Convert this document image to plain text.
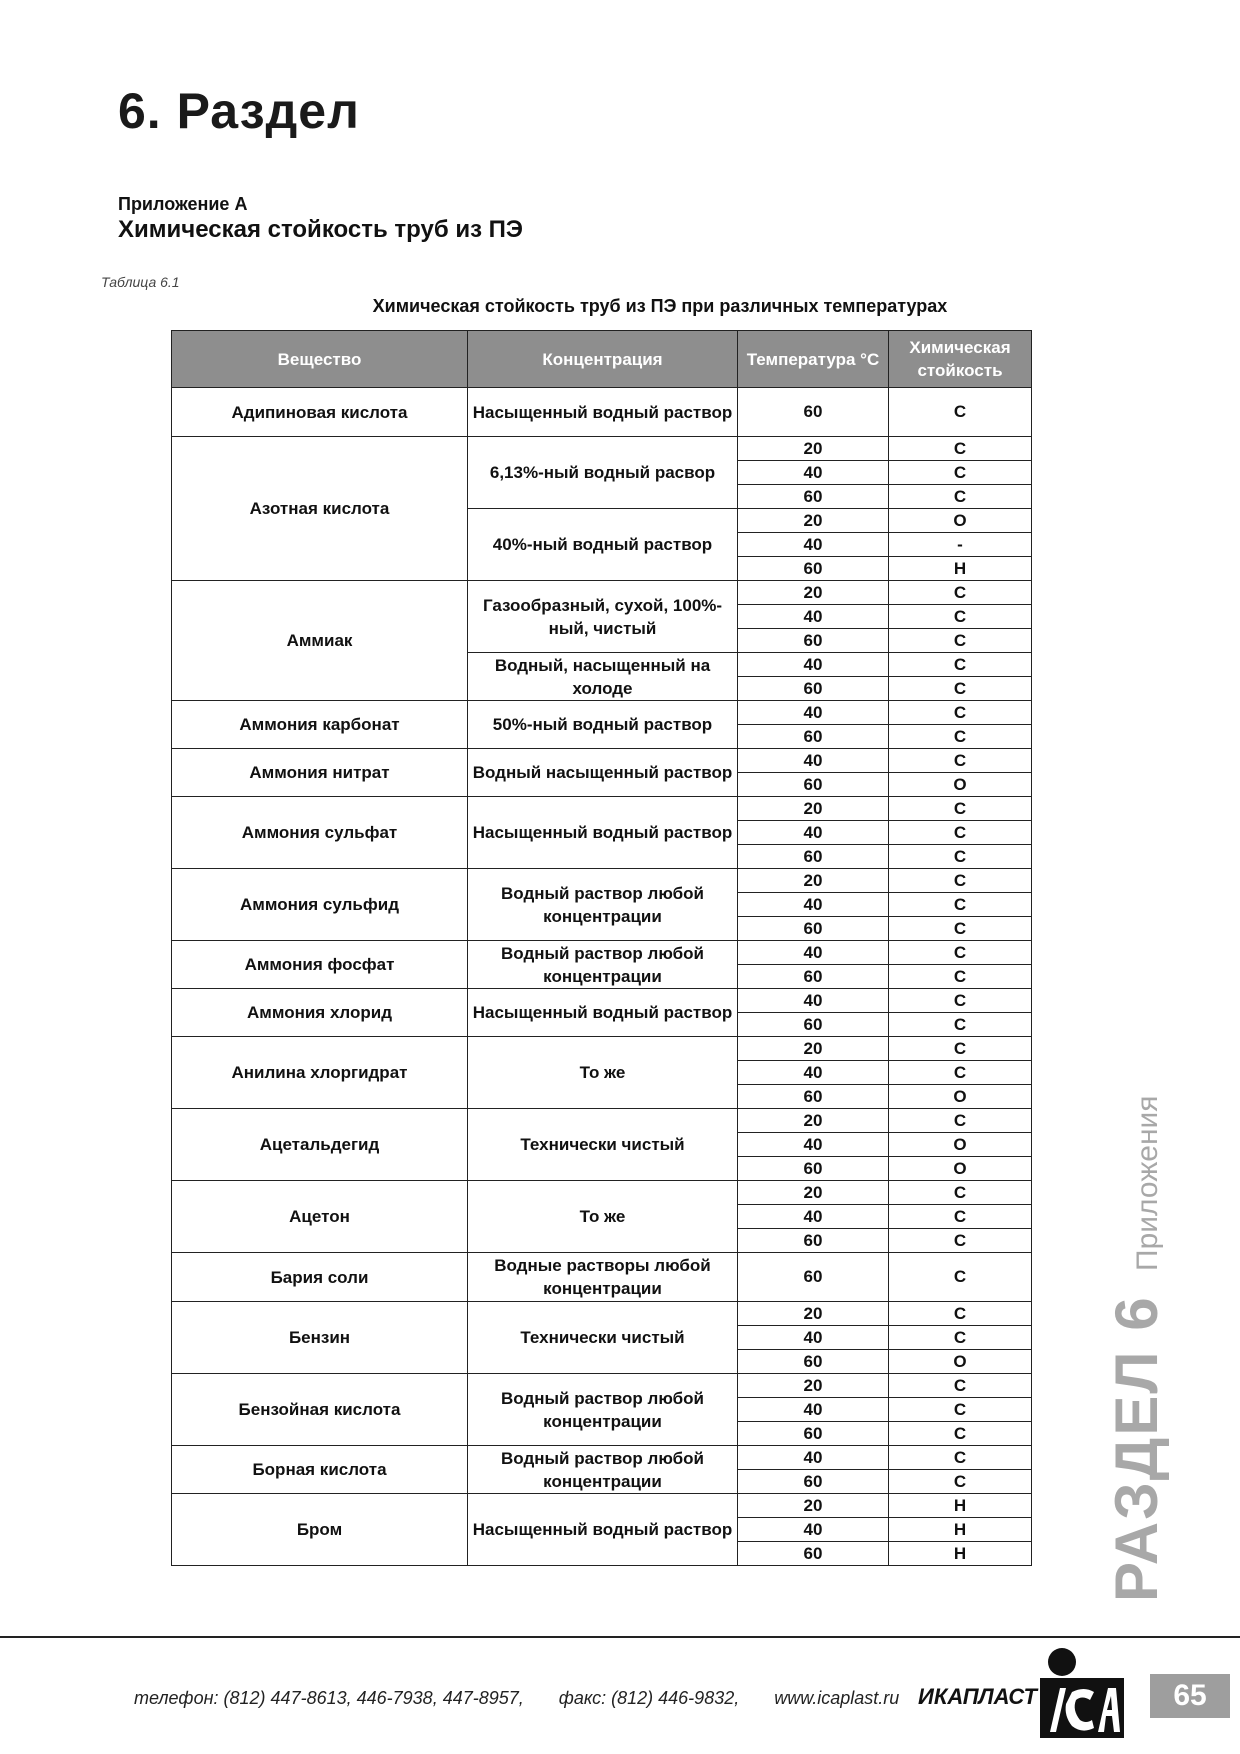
6. Раздел
Приложение А
Химическая стойкость труб из ПЭ
Таблица 6.1
Химическая стойкость труб из ПЭ при различных температурах
Вещество	Концентрация	Температура °С	Химическая стойкость
Адипиновая кислота	Насыщенный водный раствор	60	С
Азотная кислота	6,13%-ный водный расвор	20	С
		40	С
		60	С
	40%-ный водный раствор	20	О
		40	-
		60	Н
Аммиак	Газообразный, сухой, 100%-ный, чистый	20	С
		40	С
		60	С
	Водный, насыщенный на холоде	40	С
		60	С
Аммония карбонат	50%-ный водный раствор	40	С
		60	С
Аммония нитрат	Водный насыщенный раствор	40	С
		60	О
Аммония сульфат	Насыщенный водный раствор	20	С
		40	С
		60	С
Аммония сульфид	Водный раствор любой концентрации	20	С
		40	С
		60	С
Аммония фосфат	Водный раствор любой концентрации	40	С
		60	С
Аммония хлорид	Насыщенный водный раствор	40	С
		60	С
Анилина хлоргидрат	То же	20	С
		40	С
		60	О
Ацетальдегид	Технически чистый	20	С
		40	О
		60	О
Ацетон	То же	20	С
		40	С
		60	С
Бария соли	Водные растворы любой концентрации	60	С
Бензин	Технически чистый	20	С
		40	С
		60	О
Бензойная кислота	Водный раствор любой концентрации	20	С
		40	С
		60	С
Борная кислота	Водный раствор любой концентрации	40	С
		60	С
Бром	Насыщенный водный раствор	20	Н
		40	Н
		60	Н РАЗДЕЛ 6 Приложения
телефон: (812) 447-8613, 446-7938, 447-8957, факс: (812) 446-9832, www.icaplast.ru ИКАПЛАСТ	65
